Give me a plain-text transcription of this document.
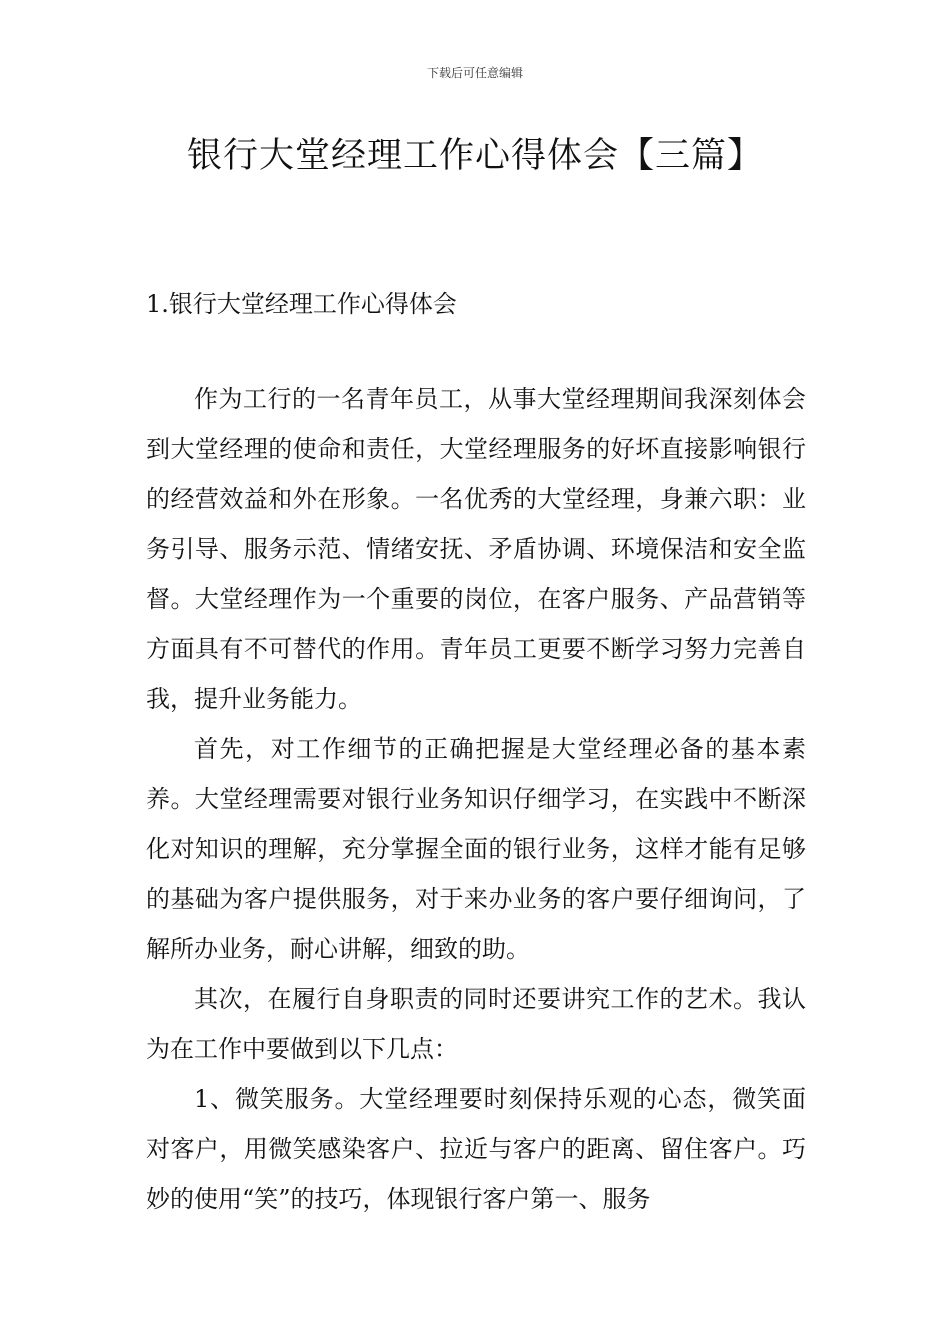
下载后可任意编辑
银行大堂经理工作心得体会【三篇】
1.银行大堂经理工作心得体会

作为工行的一名青年员工，从事大堂经理期间我深刻体会到大堂经理的使命和责任，大堂经理服务的好坏直接影响银行的经营效益和外在形象。一名优秀的大堂经理，身兼六职：业务引导、服务示范、情绪安抚、矛盾协调、环境保洁和安全监督。大堂经理作为一个重要的岗位，在客户服务、产品营销等方面具有不可替代的作用。青年员工更要不断学习努力完善自我，提升业务能力。

首先，对工作细节的正确把握是大堂经理必备的基本素养。大堂经理需要对银行业务知识仔细学习，在实践中不断深化对知识的理解，充分掌握全面的银行业务，这样才能有足够的基础为客户提供服务，对于来办业务的客户要仔细询问，了解所办业务，耐心讲解，细致的助。

其次，在履行自身职责的同时还要讲究工作的艺术。我认为在工作中要做到以下几点：

1、微笑服务。大堂经理要时刻保持乐观的心态，微笑面对客户，用微笑感染客户、拉近与客户的距离、留住客户。巧妙的使用“笑”的技巧，体现银行客户第一、服务
